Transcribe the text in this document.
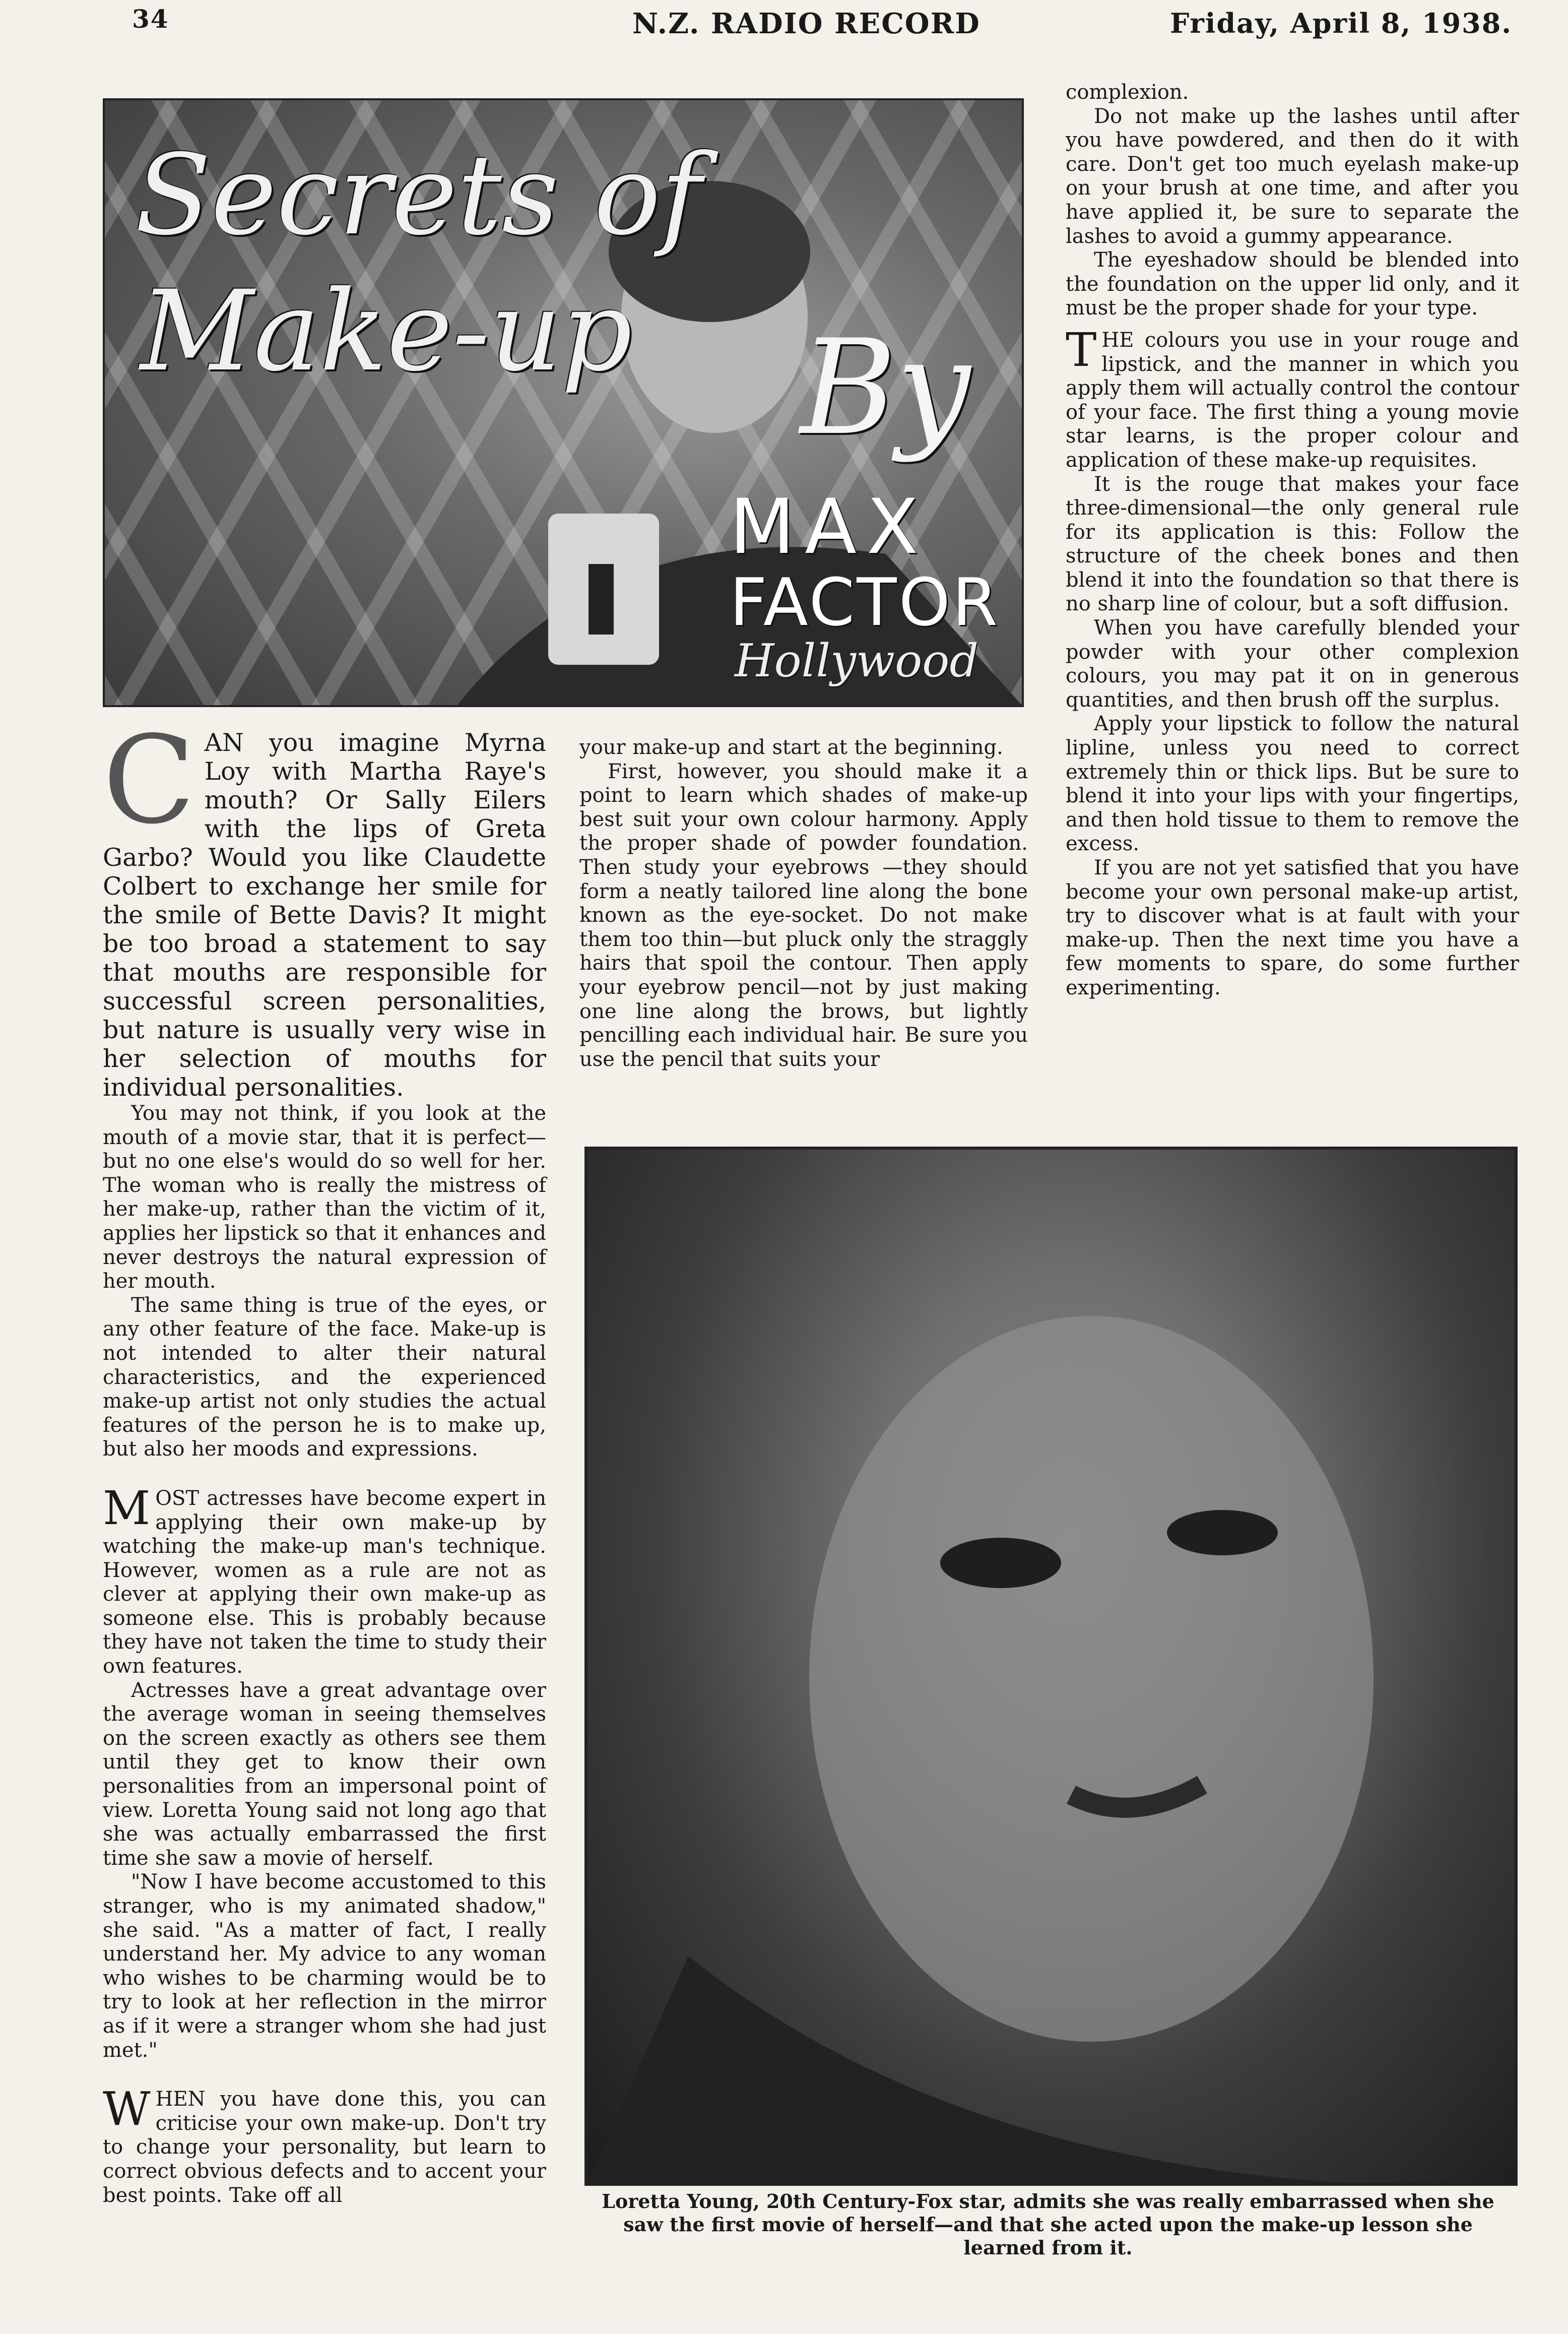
34	N.Z. RADIO RECORD	Friday, April 8, 1938.
Secrets of
Make-up By
MAX
FACTOR
Hollywood

complexion.

Do not make up the lashes until after you have powdered, and then do it with care. Don't get too much eyelash make-up on your brush at one time, and after you have applied it, be sure to separate the lashes to avoid a gummy appearance.

The eyeshadow should be blended into the foundation on the upper lid only, and it must be the proper shade for your type.

THE colours you use in your rouge and lipstick, and the manner in which you apply them will actually control the contour of your face. The first thing a young movie star learns, is the proper colour and application of these make-up requisites.

It is the rouge that makes your face three-dimensional—the only general rule for its application is this: Follow the structure of the cheek bones and then blend it into the foundation so that there is no sharp line of colour, but a soft diffusion.

When you have carefully blended your powder with your other complexion colours, you may pat it on in generous quantities, and then brush off the surplus.

Apply your lipstick to follow the natural lipline, unless you need to correct extremely thin or thick lips. But be sure to blend it into your lips with your fingertips, and then hold tissue to them to remove the excess.

If you are not yet satisfied that you have become your own personal make-up artist, try to discover what is at fault with your make-up. Then the next time you have a few moments to spare, do some further experimenting.

CAN you imagine Myrna Loy with Martha Raye's mouth? Or Sally Eilers with the lips of Greta Garbo? Would you like Claudette Colbert to exchange her smile for the smile of Bette Davis? It might be too broad a statement to say that mouths are responsible for successful screen personalities, but nature is usually very wise in her selection of mouths for individual personalities.

You may not think, if you look at the mouth of a movie star, that it is perfect—but no one else's would do so well for her. The woman who is really the mistress of her make-up, rather than the victim of it, applies her lipstick so that it enhances and never destroys the natural expression of her mouth.

The same thing is true of the eyes, or any other feature of the face. Make-up is not intended to alter their natural characteristics, and the experienced make-up artist not only studies the actual features of the person he is to make up, but also her moods and expressions.

MOST actresses have become expert in applying their own make-up by watching the make-up man's technique. However, women as a rule are not as clever at applying their own make-up as someone else. This is probably because they have not taken the time to study their own features.

Actresses have a great advantage over the average woman in seeing themselves on the screen exactly as others see them until they get to know their own personalities from an impersonal point of view. Loretta Young said not long ago that she was actually embarrassed the first time she saw a movie of herself.

"Now I have become accustomed to this stranger, who is my animated shadow," she said. "As a matter of fact, I really understand her. My advice to any woman who wishes to be charming would be to try to look at her reflection in the mirror as if it were a stranger whom she had just met."

WHEN you have done this, you can criticise your own make-up. Don't try to change your personality, but learn to correct obvious defects and to accent your best points. Take off all

your make-up and start at the beginning.

First, however, you should make it a point to learn which shades of make-up best suit your own colour harmony. Apply the proper shade of powder foundation. Then study your eyebrows —they should form a neatly tailored line along the bone known as the eye-socket. Do not make them too thin—but pluck only the straggly hairs that spoil the contour. Then apply your eyebrow pencil—not by just making one line along the brows, but lightly pencilling each individual hair. Be sure you use the pencil that suits your

Loretta Young, 20th Century-Fox star, admits she was really embarrassed when she saw the first movie of herself—and that she acted upon the make-up lesson she learned from it.
